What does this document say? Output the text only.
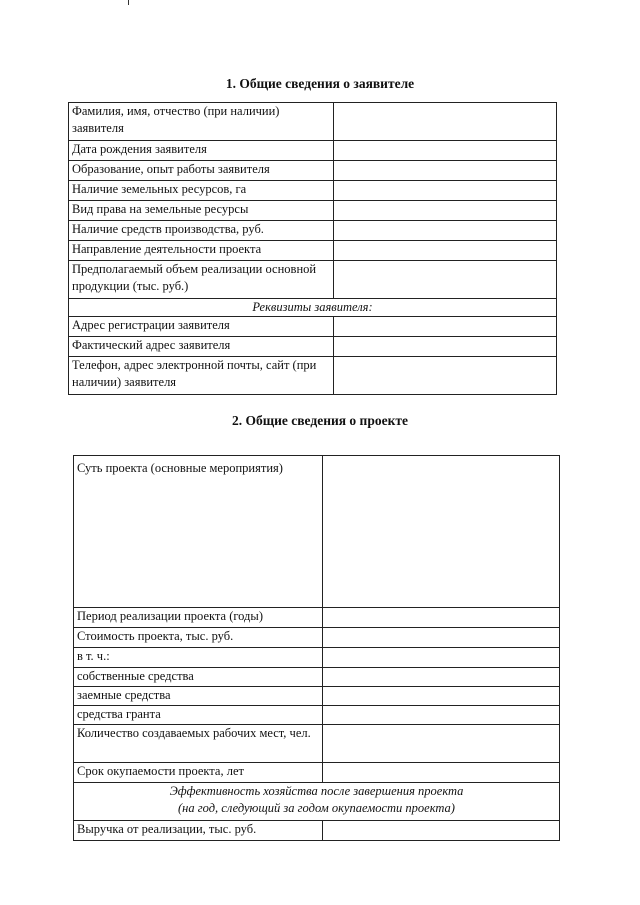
1. Общие сведения о заявителе
Фамилия, имя, отчество (при наличии) заявителя	
Дата рождения заявителя	
Образование, опыт работы заявителя	
Наличие земельных ресурсов, га	
Вид права на земельные ресурсы	
Наличие средств производства, руб.	
Направление деятельности проекта	
Предполагаемый объем реализации основной продукции (тыс. руб.)	
Реквизиты заявителя:	
Адрес регистрации заявителя	
Фактический адрес заявителя	
Телефон, адрес электронной почты, сайт (при наличии) заявителя	
2. Общие сведения о проекте
Суть проекта (основные мероприятия)	
Период реализации проекта (годы)	
Стоимость проекта, тыс. руб.	
в т. ч.:	
собственные средства	
заемные средства	
средства гранта	
Количество создаваемых рабочих мест, чел.	
Срок окупаемости проекта, лет	

Эффективность хозяйства после завершения проекта
(на год, следующий за годом окупаемости проекта)	

Выручка от реализации, тыс. руб.	
